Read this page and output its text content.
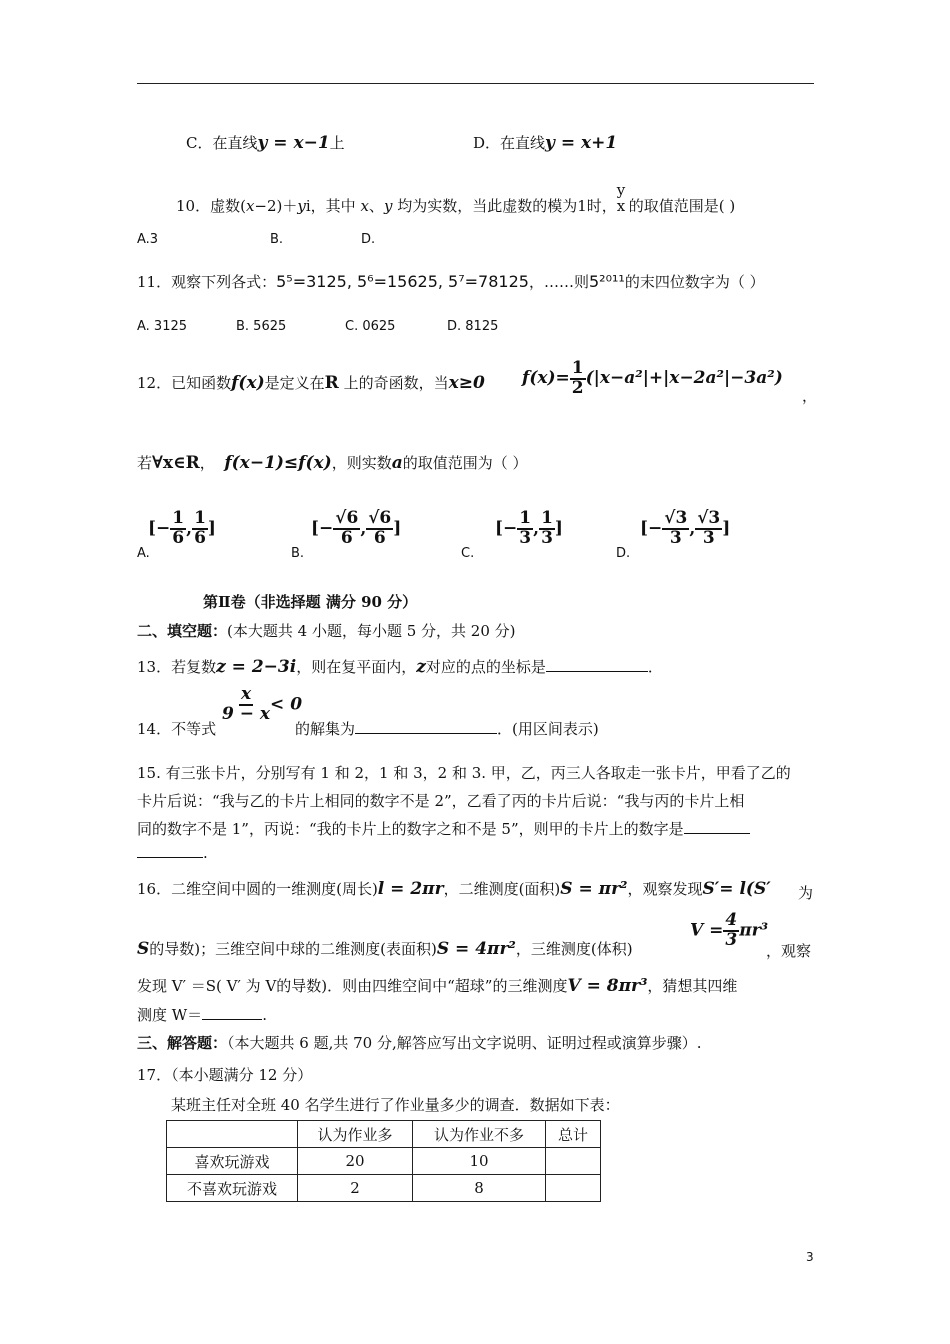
C．在直线y = x−1上	D．在直线y = x+1
10．虚数(x−2)＋yi，其中 x、y 均为实数，当此虚数的模为1时，
y
x 的取值范围是( )
A.3	B.	D.
11．观察下列各式：5⁵=3125, 5⁶=15625, 5⁷=78125，……则5²⁰¹¹的末四位数字为（ ）
A. 3125	B. 5625	C. 0625	D. 8125
12．已知函数f(x)是定义在R 上的奇函数，当x≥0 $f(x)= \frac{1}{2} (|x-a^2|+|x-2a^2|-3a^2)$
，
若∀x∈R， f(x−1)≤f(x)，则实数a的取值范围为（ ）
A.
[− $\frac{1}{6}$ , $\frac{1}{6}$ ]
B.
[− $\frac{√6}{6}$ , $\frac{√6}{6}$ ]
C.
[− $\frac{1}{3}$ , $\frac{1}{3}$ ]
D.
[− $\frac{√3}{3}$ , $\frac{√3}{3}$ ]
第Ⅱ卷（非选择题 满分 90 分）
二、填空题：(本大题共 4 小题，每小题 5 分，共 20 分)
13．若复数z = 2−3i，则在复平面内，z对应的点的坐标是	．
$\frac{x}{9 - x} < 0$
14．不等式	的解集为	．(用区间表示)
15. 有三张卡片，分别写有 1 和 2，1 和 3，2 和 3. 甲，乙，丙三人各取走一张卡片，甲看了乙的
卡片后说：“我与乙的卡片上相同的数字不是 2”，乙看了丙的卡片后说：“我与丙的卡片上相
同的数字不是 1”，丙说：“我的卡片上的数字之和不是 5”，则甲的卡片上的数字是
.
16．二维空间中圆的一维测度(周长)l = 2πr，二维测度(面积)S = πr²，观察发现S′= l(S′ 为
S的导数)；三维空间中球的二维测度(表面积)S = 4πr²，三维测度(体积)
$V = \frac{4}{3} \pi r^3$
，观察
发现 V′ ＝S( V′ 为 V的导数)．则由四维空间中“超球”的三维测度V = 8πr³，猜想其四维
测度 W＝	.
三、解答题：（本大题共 6 题,共 70 分,解答应写出文字说明、证明过程或演算步骤）.
17．（本小题满分 12 分）
某班主任对全班 40 名学生进行了作业量多少的调查．数据如下表：
	认为作业多	认为作业不多	总计
喜欢玩游戏	20	10	
不喜欢玩游戏	2	8	
3
